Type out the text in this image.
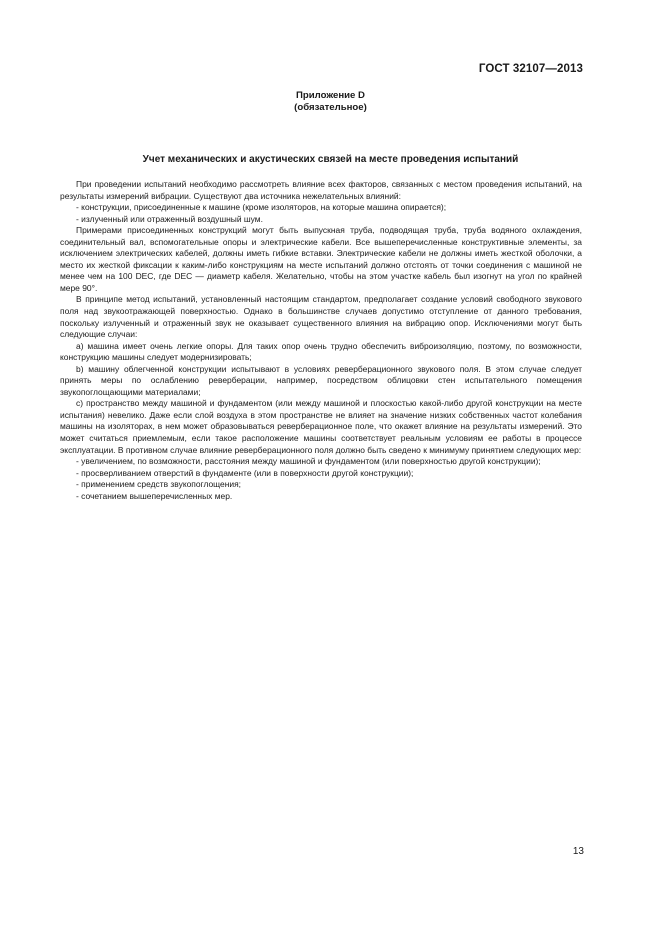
ГОСТ 32107—2013
Приложение D
(обязательное)
Учет механических и акустических связей на месте проведения испытаний

При проведении испытаний необходимо рассмотреть влияние всех факторов, связанных с местом проведения испытаний, на результаты измерений вибрации. Существуют два источника нежелательных влияний:

- конструкции, присоединенные к машине (кроме изоляторов, на которые машина опирается);

- излученный или отраженный воздушный шум.

Примерами присоединенных конструкций могут быть выпускная труба, подводящая труба, труба водяного охлаждения, соединительный вал, вспомогательные опоры и электрические кабели. Все вышеперечисленные конструктивные элементы, за исключением электрических кабелей, должны иметь гибкие вставки. Электрические кабели не должны иметь жесткой оболочки, а место их жесткой фиксации к каким-либо конструкциям на месте испытаний должно отстоять от точки соединения с машиной не менее чем на 100 DEC, где DEC — диаметр кабеля. Желательно, чтобы на этом участке кабель был изогнут на угол по крайней мере 90°.

В принципе метод испытаний, установленный настоящим стандартом, предполагает создание условий свободного звукового поля над звукоотражающей поверхностью. Однако в большинстве случаев допустимо отступление от данного требования, поскольку излученный и отраженный звук не оказывает существенного влияния на вибрацию опор. Исключениями могут быть следующие случаи:

a) машина имеет очень легкие опоры. Для таких опор очень трудно обеспечить виброизоляцию, поэтому, по возможности, конструкцию машины следует модернизировать;

b) машину облегченной конструкции испытывают в условиях реверберационного звукового поля. В этом случае следует принять меры по ослаблению реверберации, например, посредством облицовки стен испытательного помещения звукопоглощающими материалами;

c) пространство между машиной и фундаментом (или между машиной и плоскостью какой-либо другой конструкции на месте испытания) невелико. Даже если слой воздуха в этом пространстве не влияет на значение низких собственных частот колебания машины на изоляторах, в нем может образовываться реверберационное поле, что окажет влияние на результаты измерений. Это может считаться приемлемым, если такое расположение машины соответствует реальным условиям ее работы в процессе эксплуатации. В противном случае влияние реверберационного поля должно быть сведено к минимуму принятием следующих мер:

- увеличением, по возможности, расстояния между машиной и фундаментом (или поверхностью другой конструкции);

- просверливанием отверстий в фундаменте (или в поверхности другой конструкции);

- применением средств звукопоглощения;

- сочетанием вышеперечисленных мер.

13
